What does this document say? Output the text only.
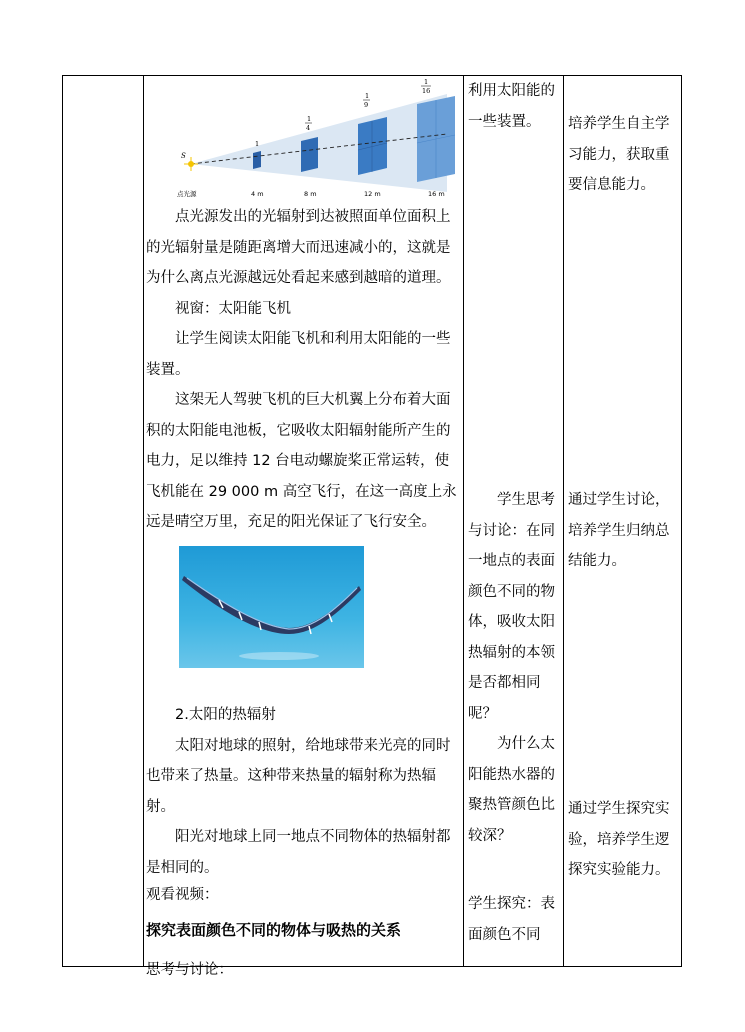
S
点光源	4 m	8 m	12 m	16 m
1
1
4
1
9
1
16

点光源发出的光辐射到达被照面单位面积上的光辐射量是随距离增大而迅速减小的，这就是为什么离点光源越远处看起来感到越暗的道理。

视窗：太阳能飞机

让学生阅读太阳能飞机和利用太阳能的一些装置。

这架无人驾驶飞机的巨大机翼上分布着大面积的太阳能电池板，它吸收太阳辐射能所产生的电力，足以维持 12 台电动螺旋桨正常运转，使飞机能在 29 000 m 高空飞行，在这一高度上永远是晴空万里，充足的阳光保证了飞行安全。

2.太阳的热辐射

太阳对地球的照射，给地球带来光亮的同时也带来了热量。这种带来热量的辐射称为热辐射。

阳光对地球上同一地点不同物体的热辐射都是相同的。

观看视频：

探究表面颜色不同的物体与吸热的关系

思考与讨论：

利用太阳能的一些装置。

学生思考与讨论：在同一地点的表面颜色不同的物体，吸收太阳热辐射的本领是否都相同呢？

为什么太阳能热水器的聚热管颜色比较深？

学生探究：表面颜色不同

培养学生自主学习能力，获取重要信息能力。

通过学生讨论，培养学生归纳总结能力。

通过学生探究实验，培养学生逻探究实验能力。
